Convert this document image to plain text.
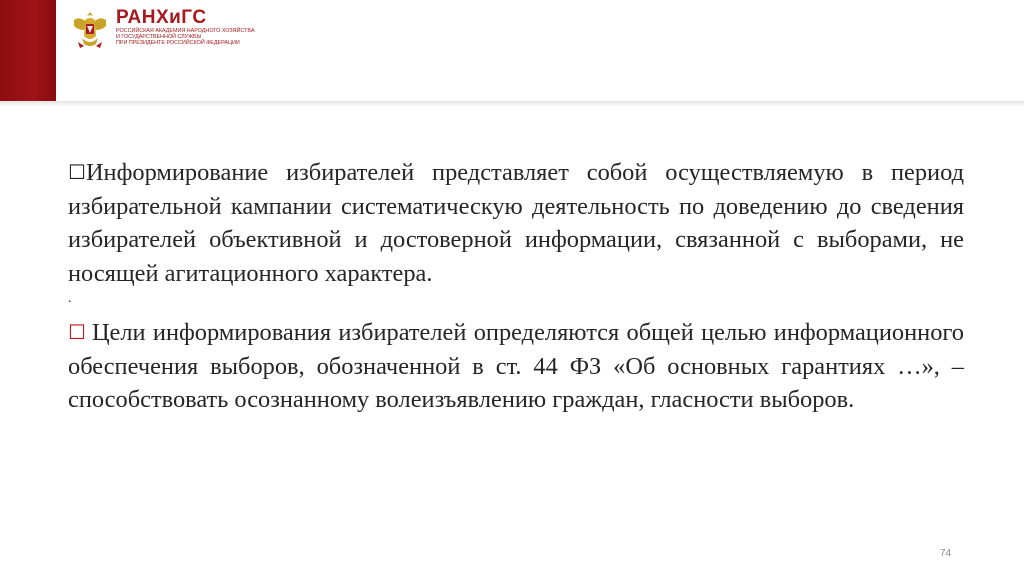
РАНХиГС
РОССИЙСКАЯ АКАДЕМИЯ НАРОДНОГО ХОЗЯЙСТВА
И ГОСУДАРСТВЕННОЙ СЛУЖБЫ
ПРИ ПРЕЗИДЕНТЕ РОССИЙСКОЙ ФЕДЕРАЦИИ

☐Информирование избирателей представляет собой осуществляемую в период избирательной кампании систематическую деятельность по доведению до сведения избирателей объективной и достоверной информации, связанной с выборами, не носящей агитационного характера.

.

☐ Цели информирования избирателей определяются общей целью информационного обеспечения выборов, обозначенной в ст. 44 ФЗ «Об основных гарантиях …», – способствовать осознанному волеизъявлению граждан, гласности выборов.

74
